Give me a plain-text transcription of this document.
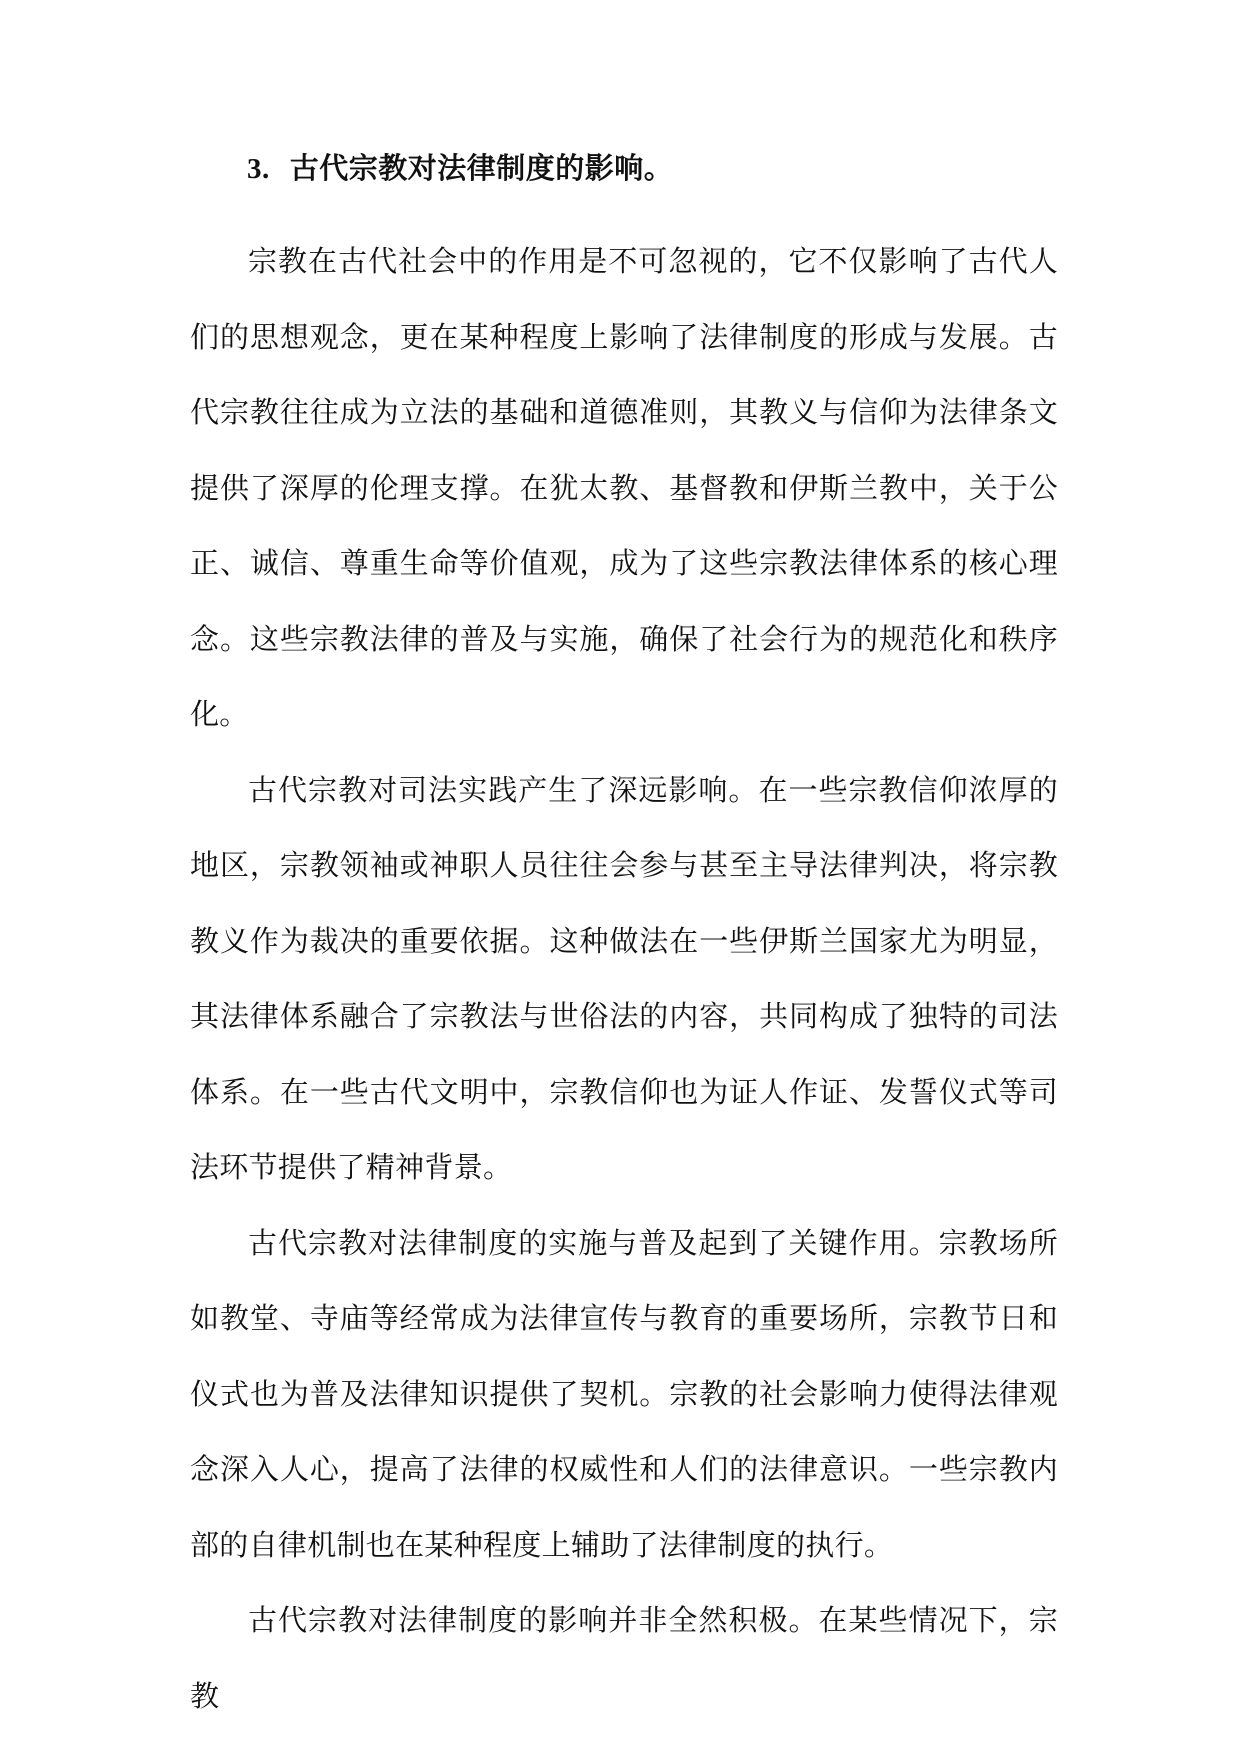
3. 古代宗教对法律制度的影响。

宗教在古代社会中的作用是不可忽视的，它不仅影响了古代人们的思想观念，更在某种程度上影响了法律制度的形成与发展。古代宗教往往成为立法的基础和道德准则，其教义与信仰为法律条文提供了深厚的伦理支撑。在犹太教、基督教和伊斯兰教中，关于公正、诚信、尊重生命等价值观，成为了这些宗教法律体系的核心理念。这些宗教法律的普及与实施，确保了社会行为的规范化和秩序化。

古代宗教对司法实践产生了深远影响。在一些宗教信仰浓厚的地区，宗教领袖或神职人员往往会参与甚至主导法律判决，将宗教教义作为裁决的重要依据。这种做法在一些伊斯兰国家尤为明显，其法律体系融合了宗教法与世俗法的内容，共同构成了独特的司法体系。在一些古代文明中，宗教信仰也为证人作证、发誓仪式等司法环节提供了精神背景。

古代宗教对法律制度的实施与普及起到了关键作用。宗教场所如教堂、寺庙等经常成为法律宣传与教育的重要场所，宗教节日和仪式也为普及法律知识提供了契机。宗教的社会影响力使得法律观念深入人心，提高了法律的权威性和人们的法律意识。一些宗教内部的自律机制也在某种程度上辅助了法律制度的执行。

古代宗教对法律制度的影响并非全然积极。在某些情况下，宗教
